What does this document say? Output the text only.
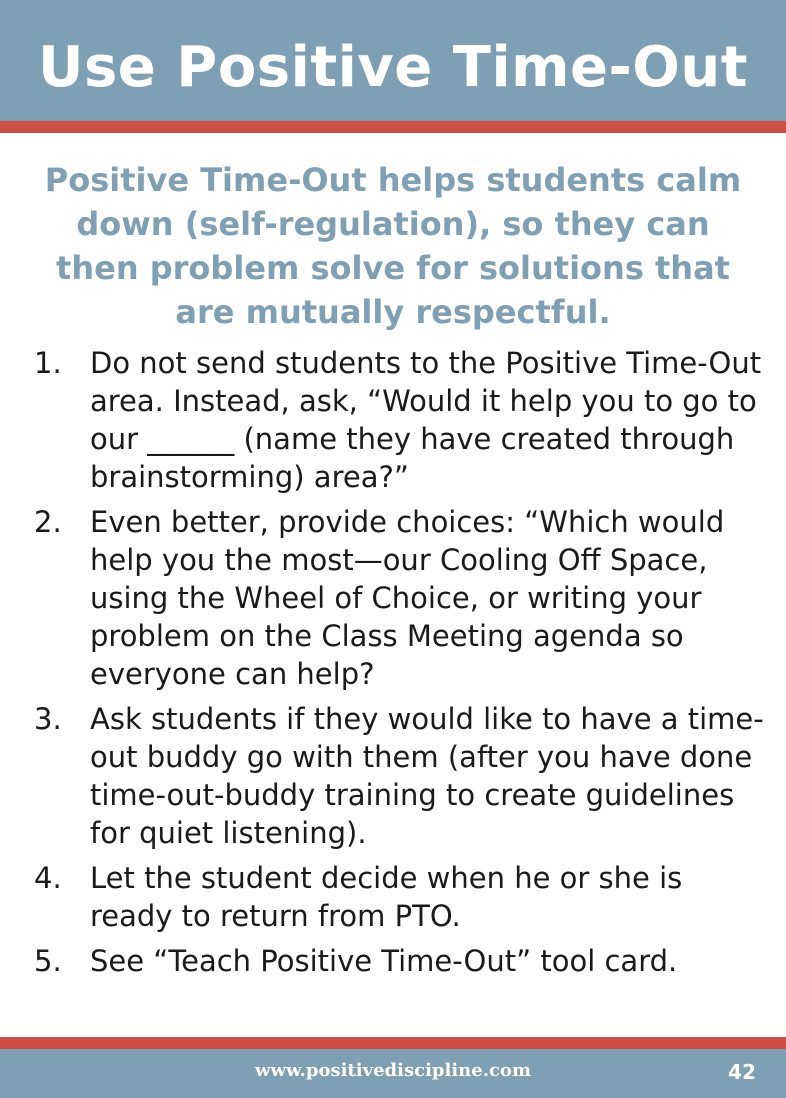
Use Positive Time-Out

Positive Time-Out helps students calm down (self-regulation), so they can then problem solve for solutions that are mutually respectful.

1. Do not send students to the Positive Time-Out area. Instead, ask, “Would it help you to go to our ______ (name they have created through brainstorming) area?”
2. Even better, provide choices: “Which would help you the most—our Cooling Off Space, using the Wheel of Choice, or writing your problem on the Class Meeting agenda so everyone can help?
3. Ask students if they would like to have a time-out buddy go with them (after you have done time-out-buddy training to create guidelines for quiet listening).
4. Let the student decide when he or she is ready to return from PTO.
5. See “Teach Positive Time-Out” tool card.
www.positivediscipline.com	42
